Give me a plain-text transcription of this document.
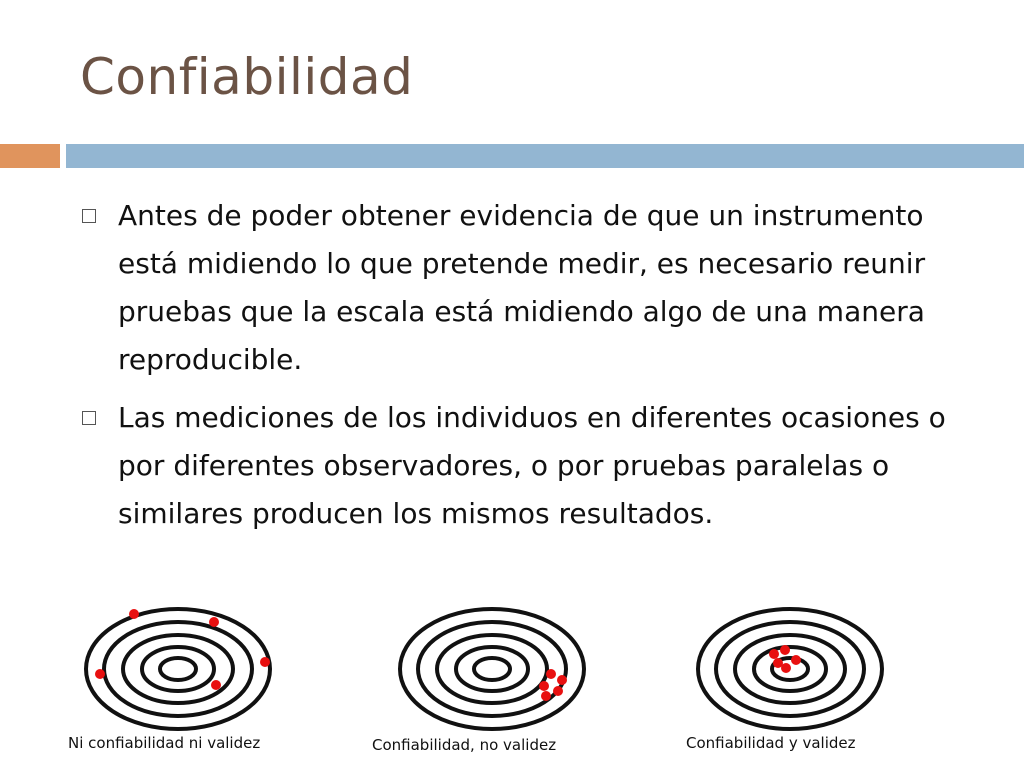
Confiabilidad
Antes de poder obtener evidencia de que un instrumento está midiendo lo que pretende medir, es necesario reunir pruebas que la escala está midiendo algo de una manera reproducible.
Las mediciones de los individuos en diferentes ocasiones o por diferentes observadores, o por pruebas paralelas o similares producen los mismos resultados.
Ni confiabilidad ni validez	Confiabilidad, no validez	Confiabilidad y validez
